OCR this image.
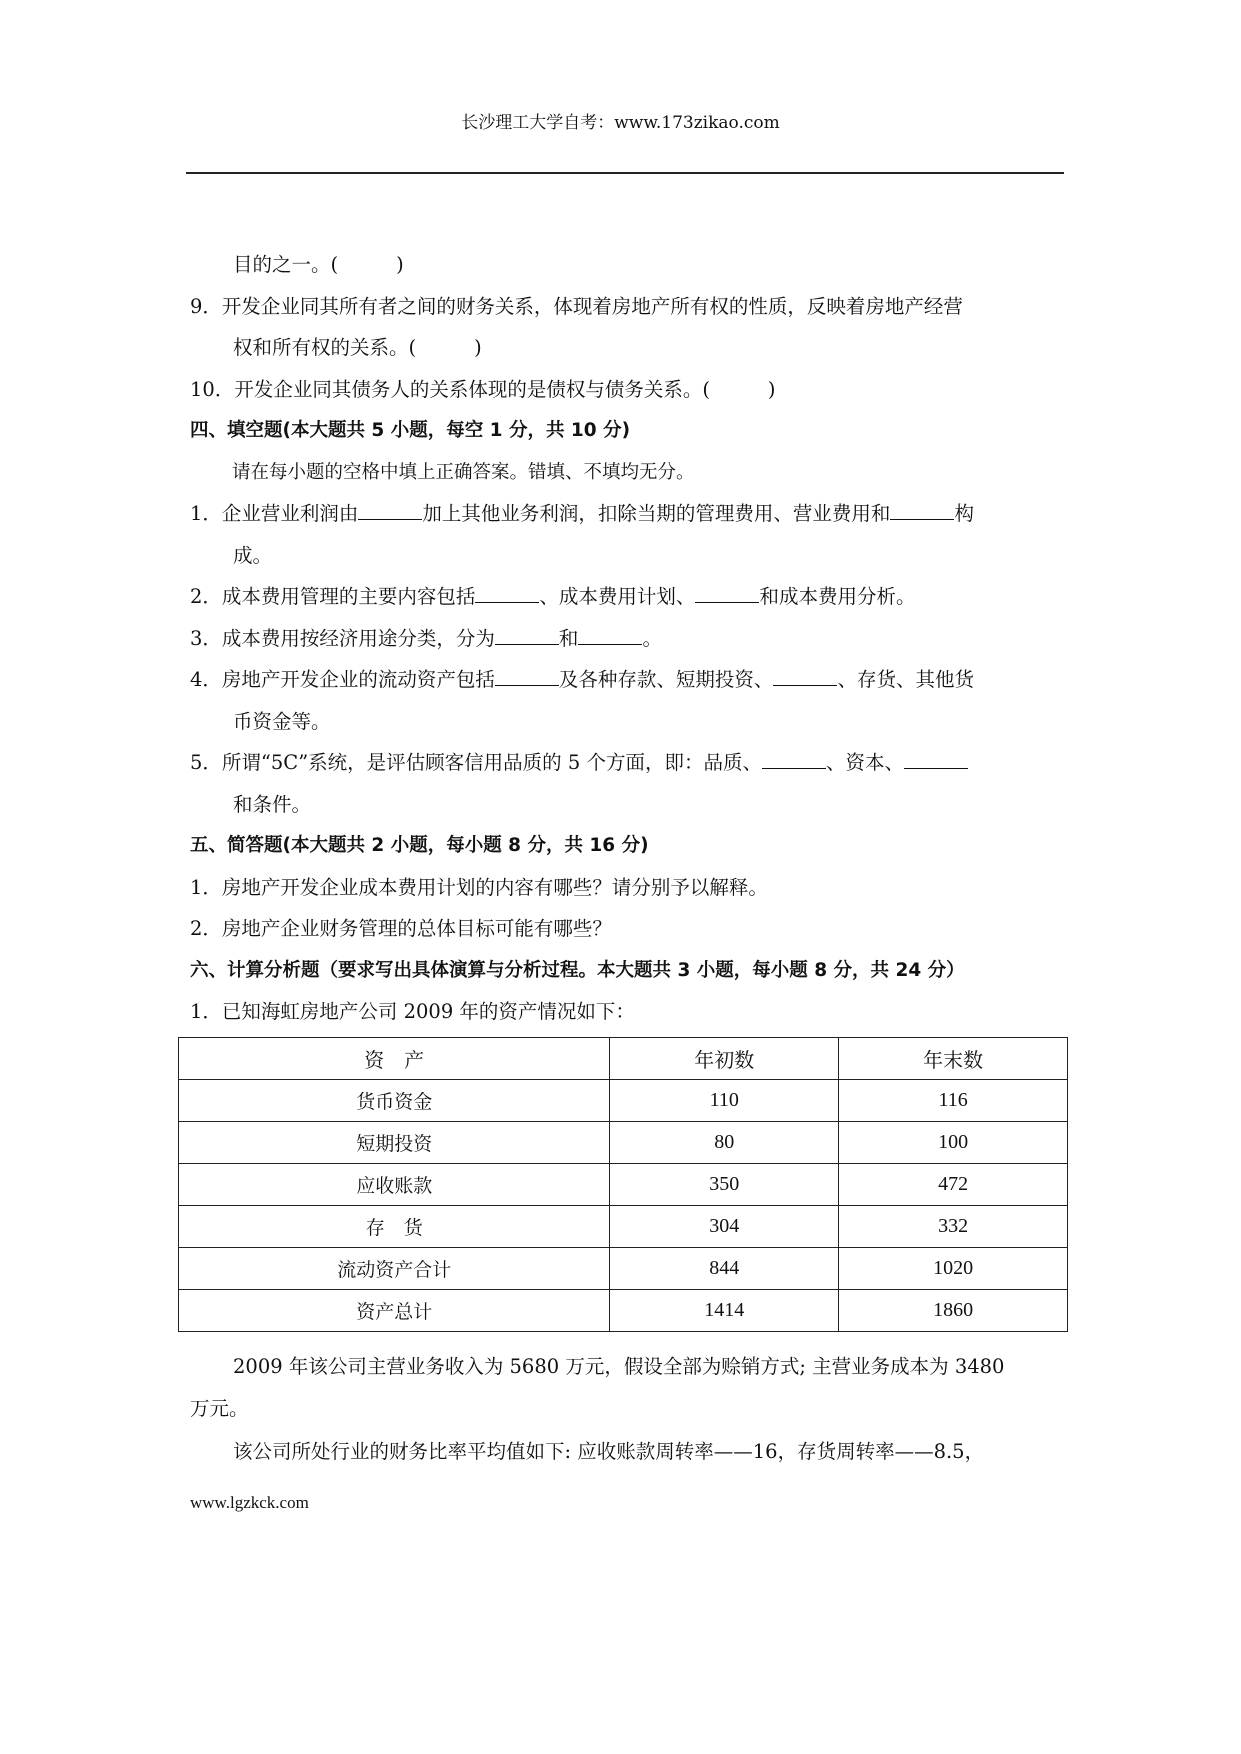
长沙理工大学自考：www.173zikao.com
目的之一。(	)
9．开发企业同其所有者之间的财务关系，体现着房地产所有权的性质，反映着房地产经营
权和所有权的关系。(	)
10．开发企业同其债务人的关系体现的是债权与债务关系。(	)
四、填空题(本大题共 5 小题，每空 1 分，共 10 分)
请在每小题的空格中填上正确答案。错填、不填均无分。
1．企业营业利润由	加上其他业务利润，扣除当期的管理费用、营业费用和	构
成。
2．成本费用管理的主要内容包括	、成本费用计划、	和成本费用分析。
3．成本费用按经济用途分类，分为	和	。
4．房地产开发企业的流动资产包括	及各种存款、短期投资、	、存货、其他货
币资金等。
5．所谓“5C”系统，是评估顾客信用品质的 5 个方面，即：品质、	、资本、
和条件。
五、简答题(本大题共 2 小题，每小题 8 分，共 16 分)
1．房地产开发企业成本费用计划的内容有哪些？请分别予以解释。
2．房地产企业财务管理的总体目标可能有哪些？
六、计算分析题（要求写出具体演算与分析过程。本大题共 3 小题，每小题 8 分，共 24 分）
1．已知海虹房地产公司 2009 年的资产情况如下：
资　产	年初数	年末数
货币资金	110	116
短期投资	80	100
应收账款	350	472
存　货	304	332
流动资产合计	844	1020
资产总计	1414	1860
2009 年该公司主营业务收入为 5680 万元，假设全部为赊销方式; 主营业务成本为 3480
万元。
该公司所处行业的财务比率平均值如下: 应收账款周转率——16，存货周转率——8.5，
www.lgzkck.com
